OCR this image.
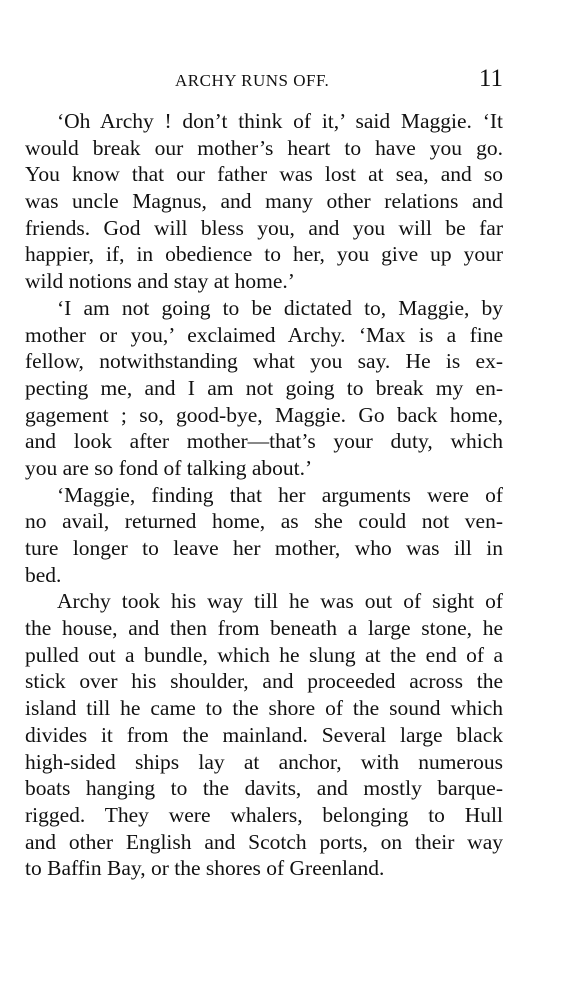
ARCHY RUNS OFF.	11
‘Oh Archy ! don’t think of it,’ said Maggie. ‘It
would break our mother’s heart to have you go.
You know that our father was lost at sea, and so
was uncle Magnus, and many other relations and
friends. God will bless you, and you will be far
happier, if, in obedience to her, you give up your
wild notions and stay at home.’
‘I am not going to be dictated to, Maggie, by
mother or you,’ exclaimed Archy. ‘Max is a fine
fellow, notwithstanding what you say. He is ex-
pecting me, and I am not going to break my en-
gagement ; so, good-bye, Maggie. Go back home,
and look after mother—that’s your duty, which
you are so fond of talking about.’
‘Maggie, finding that her arguments were of
no avail, returned home, as she could not ven-
ture longer to leave her mother, who was ill in
bed.
Archy took his way till he was out of sight of
the house, and then from beneath a large stone, he
pulled out a bundle, which he slung at the end of a
stick over his shoulder, and proceeded across the
island till he came to the shore of the sound which
divides it from the mainland. Several large black
high-sided ships lay at anchor, with numerous
boats hanging to the davits, and mostly barque-
rigged. They were whalers, belonging to Hull
and other English and Scotch ports, on their way
to Baffin Bay, or the shores of Greenland.
